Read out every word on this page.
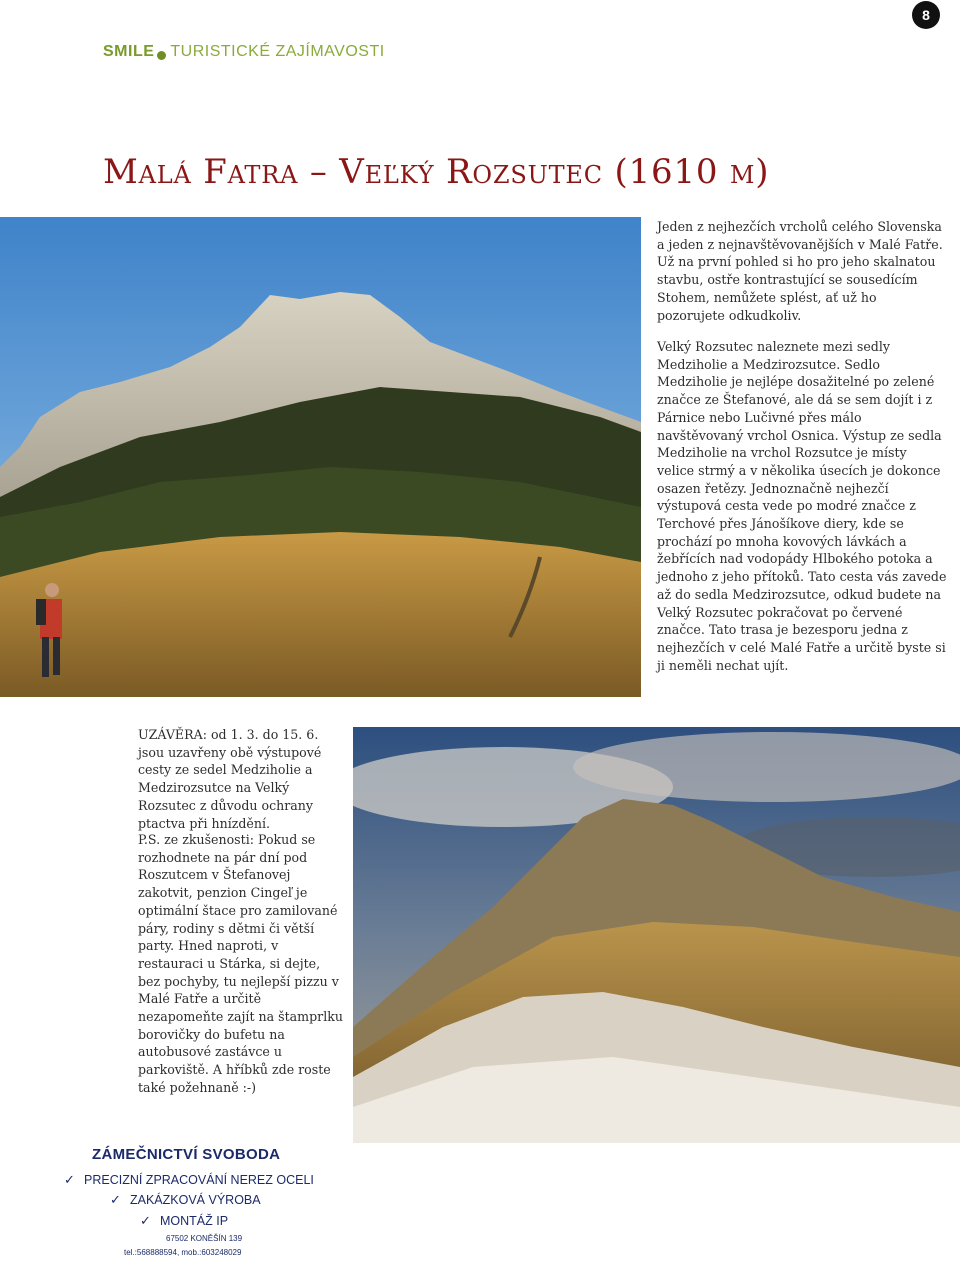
8
SMILE TURISTICKÉ ZAJÍMAVOSTI
Malá Fatra – Veľký Rozsutec (1610 m)

Jeden z nejhezčích vrcholů celého Slovenska a jeden z nejnavštěvovanějších v Malé Fatře. Už na první pohled si ho pro jeho skalnatou stavbu, ostře kontrastující se sousedícím Stohem, nemůžete splést, ať už ho pozorujete odkudkoliv.

Velký Rozsutec naleznete mezi sedly Medziholie a Medzirozsutce. Sedlo Medziholie je nejlépe dosažitelné po zelené značce ze Štefanové, ale dá se sem dojít i z Párnice nebo Lučivné přes málo navštěvovaný vrchol Osnica. Výstup ze sedla Medziholie na vrchol Rozsutce je místy velice strmý a v několika úsecích je dokonce osazen řetězy. Jednoznačně nejhezčí výstupová cesta vede po modré značce z Terchové přes Jánošíkove diery, kde se prochází po mnoha kovových lávkách a žebřících nad vodopády Hlbokého potoka a jednoho z jeho přítoků. Tato cesta vás zavede až do sedla Medzirozsutce, odkud budete na Velký Rozsutec pokračovat po červené značce. Tato trasa je bezesporu jedna z nejhezčích v celé Malé Fatře a určitě byste si ji neměli nechat ujít.

UZÁVĚRA: od 1. 3. do 15. 6. jsou uzavřeny obě výstupové cesty ze sedel Medziholie a Medzirozsutce na Velký Rozsutec z důvodu ochrany ptactva při hnízdění.

P.S. ze zkušenosti: Pokud se rozhodnete na pár dní pod Roszutcem v Štefanovej zakotvit, penzion Cingeľ je optimální štace pro zamilované páry, rodiny s dětmi či větší party. Hned naproti, v restauraci u Stárka, si dejte, bez pochyby, tu nejlepší pizzu v Malé Fatře a určitě nezapomeňte zajít na štamprlku borovičky do bufetu na autobusové zastávce u parkoviště. A hříbků zde roste také požehnaně :-)

ZÁMEČNICTVÍ SVOBODA
✓ PRECIZNÍ ZPRACOVÁNÍ NEREZ OCELI
✓ ZAKÁZKOVÁ VÝROBA
✓ MONTÁŽ IP
67502 KONĚŠÍN 139
tel.:568888594, mob.:603248029
